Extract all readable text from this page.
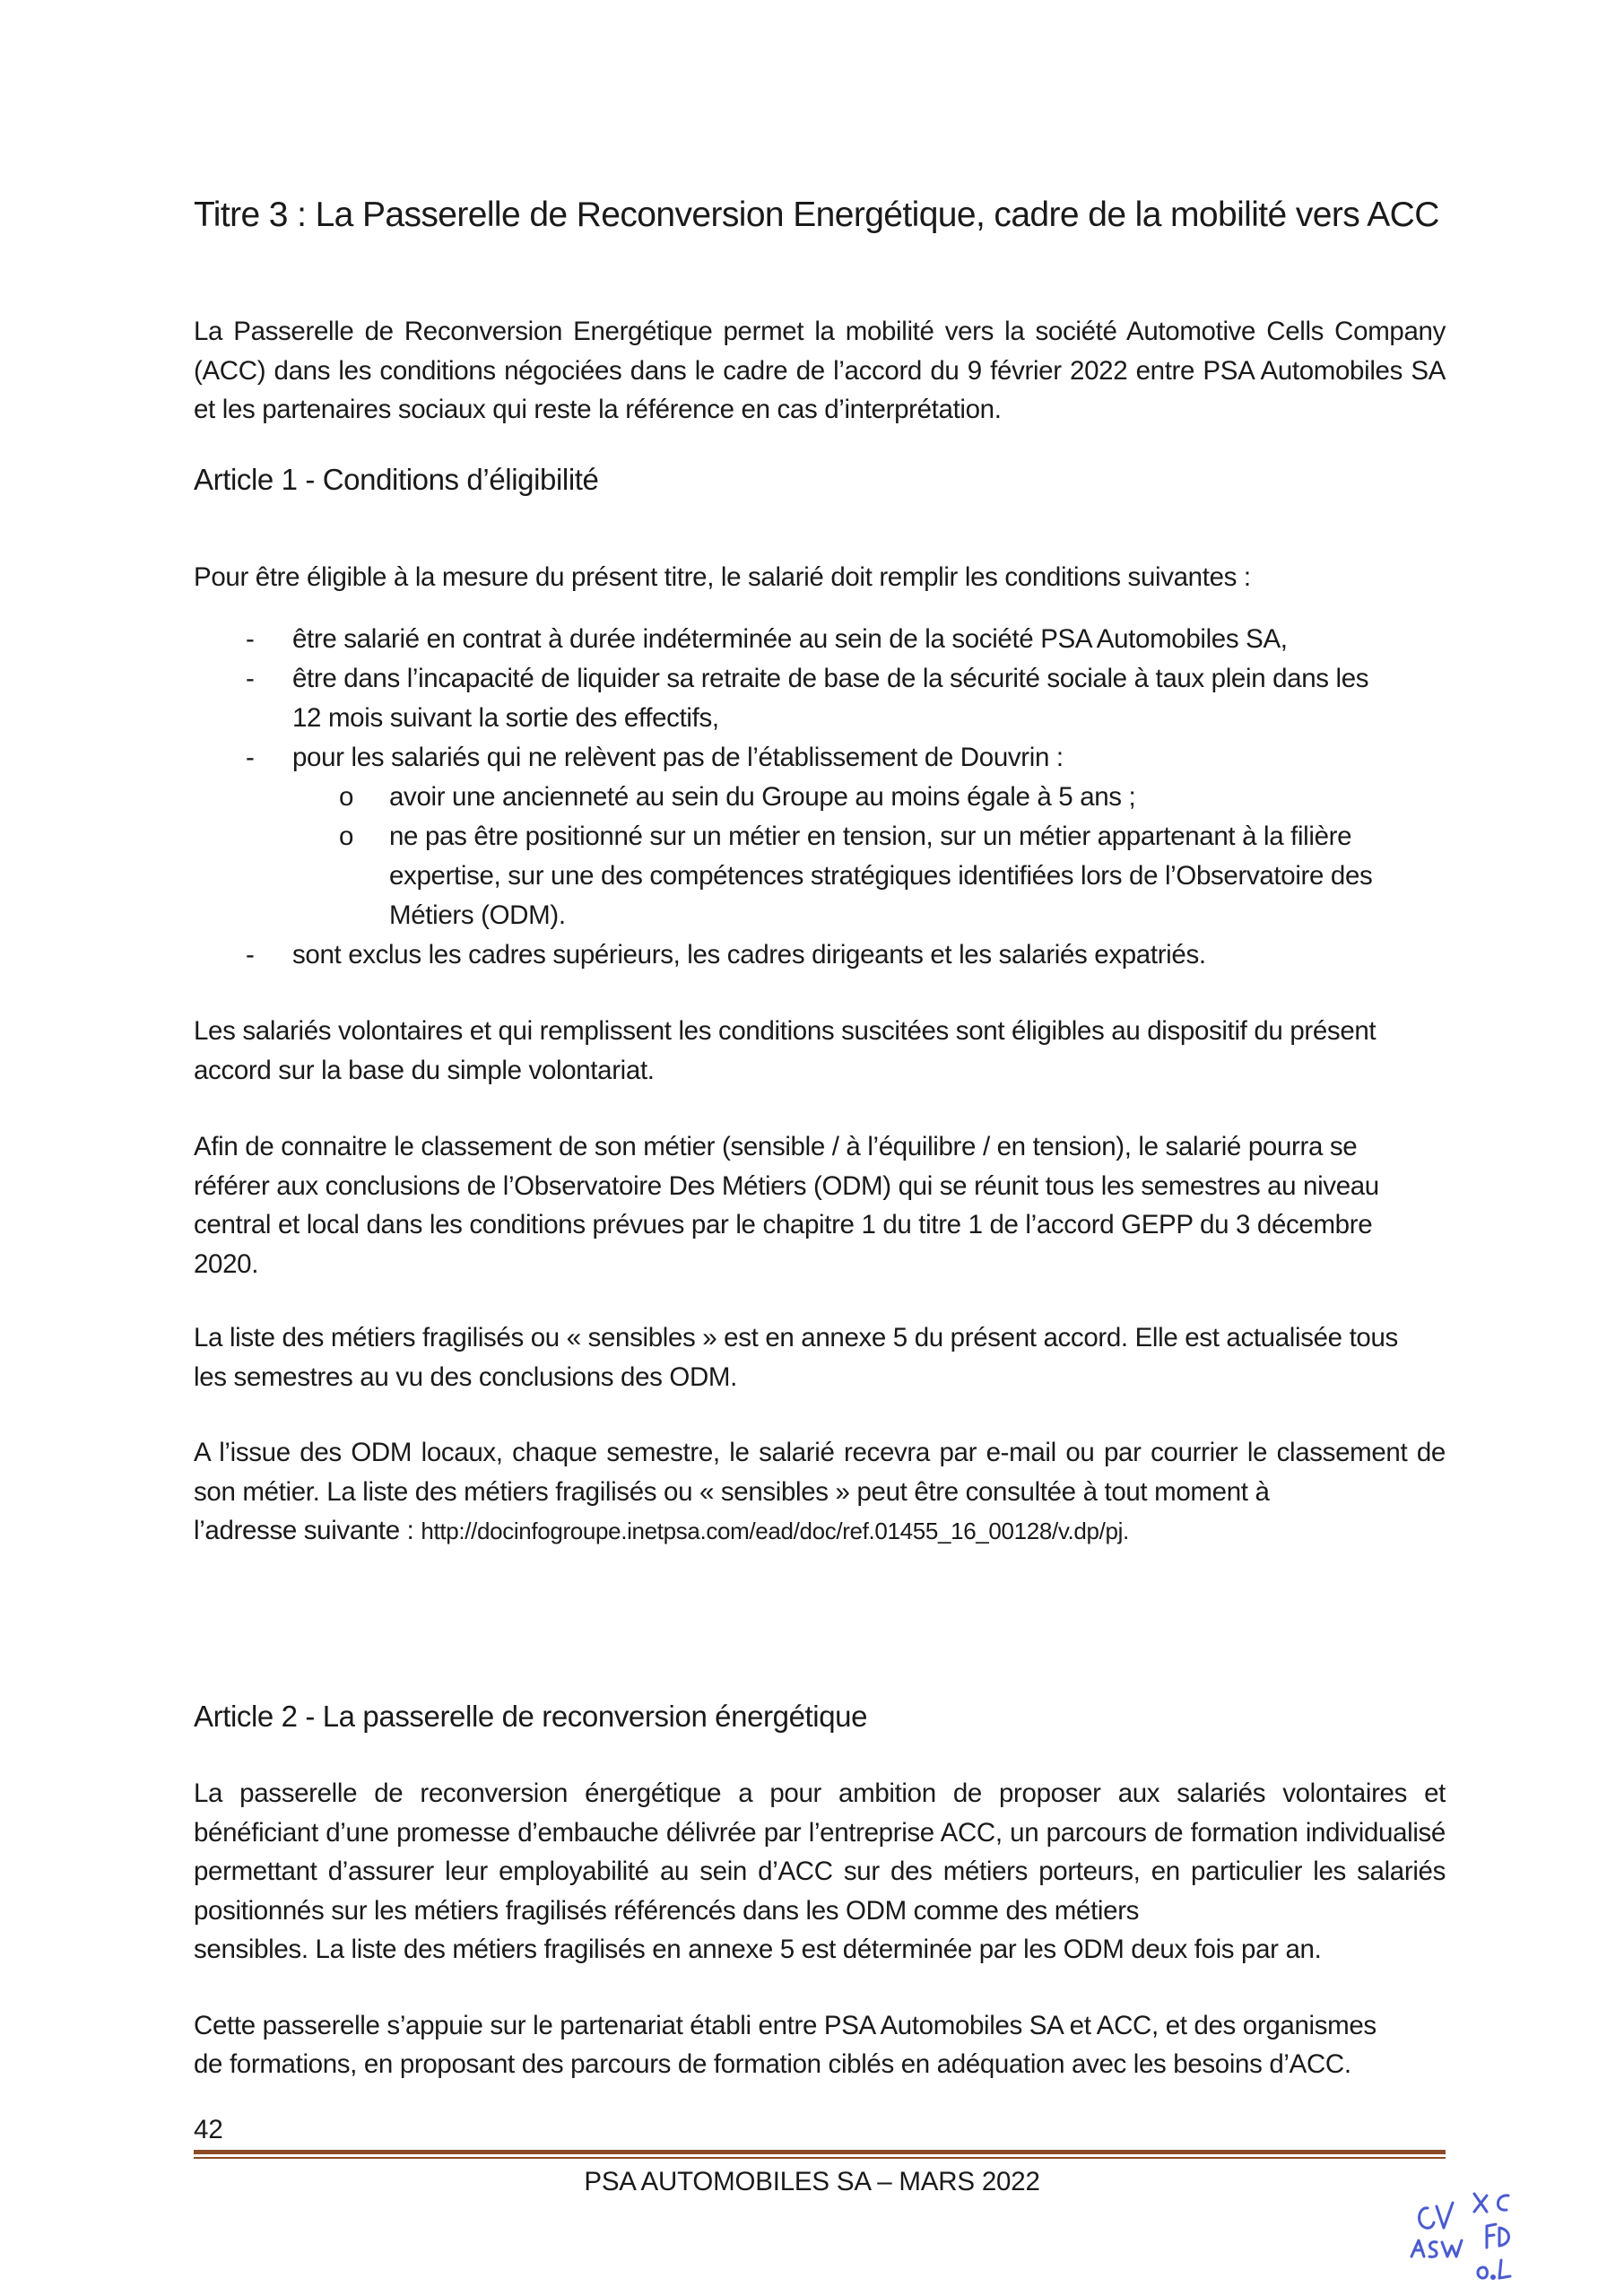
Titre 3 : La Passerelle de Reconversion Energétique, cadre de la mobilité vers ACC

La Passerelle de Reconversion Energétique permet la mobilité vers la société Automotive Cells Company (ACC) dans les conditions négociées dans le cadre de l’accord du 9 février 2022 entre PSA Automobiles SA et les partenaires sociaux qui reste la référence en cas d’interprétation.

Article 1 - Conditions d’éligibilité

Pour être éligible à la mesure du présent titre, le salarié doit remplir les conditions suivantes :

- être salarié en contrat à durée indéterminée au sein de la société PSA Automobiles SA,
- être dans l’incapacité de liquider sa retraite de base de la sécurité sociale à taux plein dans les
12 mois suivant la sortie des effectifs,
- pour les salariés qui ne relèvent pas de l’établissement de Douvrin :
o avoir une ancienneté au sein du Groupe au moins égale à 5 ans ;
o ne pas être positionné sur un métier en tension, sur un métier appartenant à la filière
expertise, sur une des compétences stratégiques identifiées lors de l’Observatoire des
Métiers (ODM).
- sont exclus les cadres supérieurs, les cadres dirigeants et les salariés expatriés.

Les salariés volontaires et qui remplissent les conditions suscitées sont éligibles au dispositif du présent
accord sur la base du simple volontariat.

Afin de connaitre le classement de son métier (sensible / à l’équilibre / en tension), le salarié pourra se
référer aux conclusions de l’Observatoire Des Métiers (ODM) qui se réunit tous les semestres au niveau
central et local dans les conditions prévues par le chapitre 1 du titre 1 de l’accord GEPP du 3 décembre
2020.

La liste des métiers fragilisés ou « sensibles » est en annexe 5 du présent accord. Elle est actualisée tous
les semestres au vu des conclusions des ODM.

A l’issue des ODM locaux, chaque semestre, le salarié recevra par e-mail ou par courrier le classement de son métier. La liste des métiers fragilisés ou « sensibles » peut être consultée à tout moment à

l’adresse suivante : http://docinfogroupe.inetpsa.com/ead/doc/ref.01455_16_00128/v.dp/pj.

Article 2 - La passerelle de reconversion énergétique

La passerelle de reconversion énergétique a pour ambition de proposer aux salariés volontaires et bénéficiant d’une promesse d’embauche délivrée par l’entreprise ACC, un parcours de formation individualisé permettant d’assurer leur employabilité au sein d’ACC sur des métiers porteurs, en particulier les salariés positionnés sur les métiers fragilisés référencés dans les ODM comme des métiers

sensibles. La liste des métiers fragilisés en annexe 5 est déterminée par les ODM deux fois par an.

Cette passerelle s’appuie sur le partenariat établi entre PSA Automobiles SA et ACC, et des organismes

de formations, en proposant des parcours de formation ciblés en adéquation avec les besoins d’ACC.

42
PSA AUTOMOBILES SA – MARS 2022
